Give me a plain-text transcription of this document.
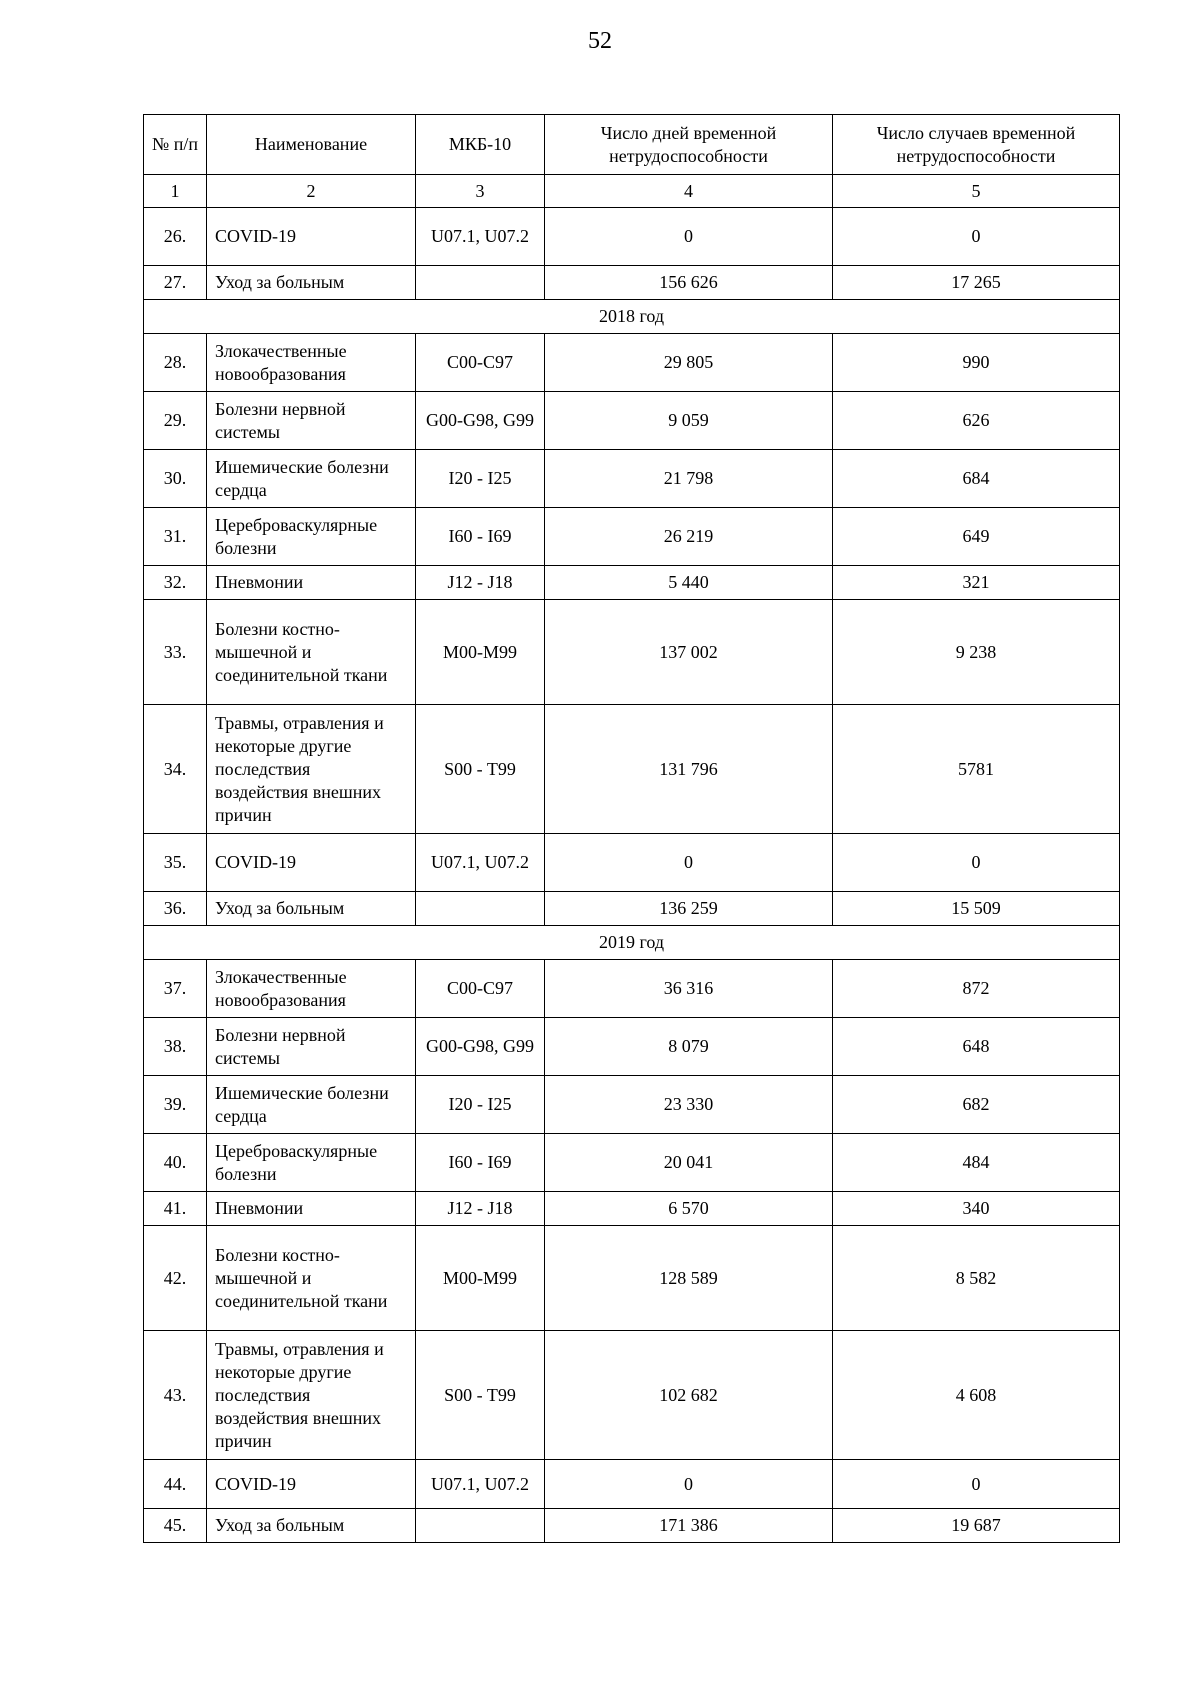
52
№ п/п	Наименование	МКБ-10	Число дней временной нетрудоспособности	Число случаев временной нетрудоспособности
1	2	3	4	5
26.	COVID-19	U07.1, U07.2	0	0
27.	Уход за больным		156 626	17 265
2018 год				
28.	Злокачественные новообразования	C00-C97	29 805	990
29.	Болезни нервной системы	G00-G98, G99	9 059	626
30.	Ишемические болезни сердца	I20 - I25	21 798	684
31.	Цереброваскулярные болезни	I60 - I69	26 219	649
32.	Пневмонии	J12 - J18	5 440	321
33.	Болезни костно-мышечной и соединительной ткани	M00-M99	137 002	9 238
34.	Травмы, отравления и некоторые другие последствия воздействия внешних причин	S00 - T99	131 796	5781
35.	COVID-19	U07.1, U07.2	0	0
36.	Уход за больным		136 259	15 509
2019 год				
37.	Злокачественные новообразования	C00-C97	36 316	872
38.	Болезни нервной системы	G00-G98, G99	8 079	648
39.	Ишемические болезни сердца	I20 - I25	23 330	682
40.	Цереброваскулярные болезни	I60 - I69	20 041	484
41.	Пневмонии	J12 - J18	6 570	340
42.	Болезни костно-мышечной и соединительной ткани	M00-M99	128 589	8 582
43.	Травмы, отравления и некоторые другие последствия воздействия внешних причин	S00 - T99	102 682	4 608
44.	COVID-19	U07.1, U07.2	0	0
45.	Уход за больным		171 386	19 687
